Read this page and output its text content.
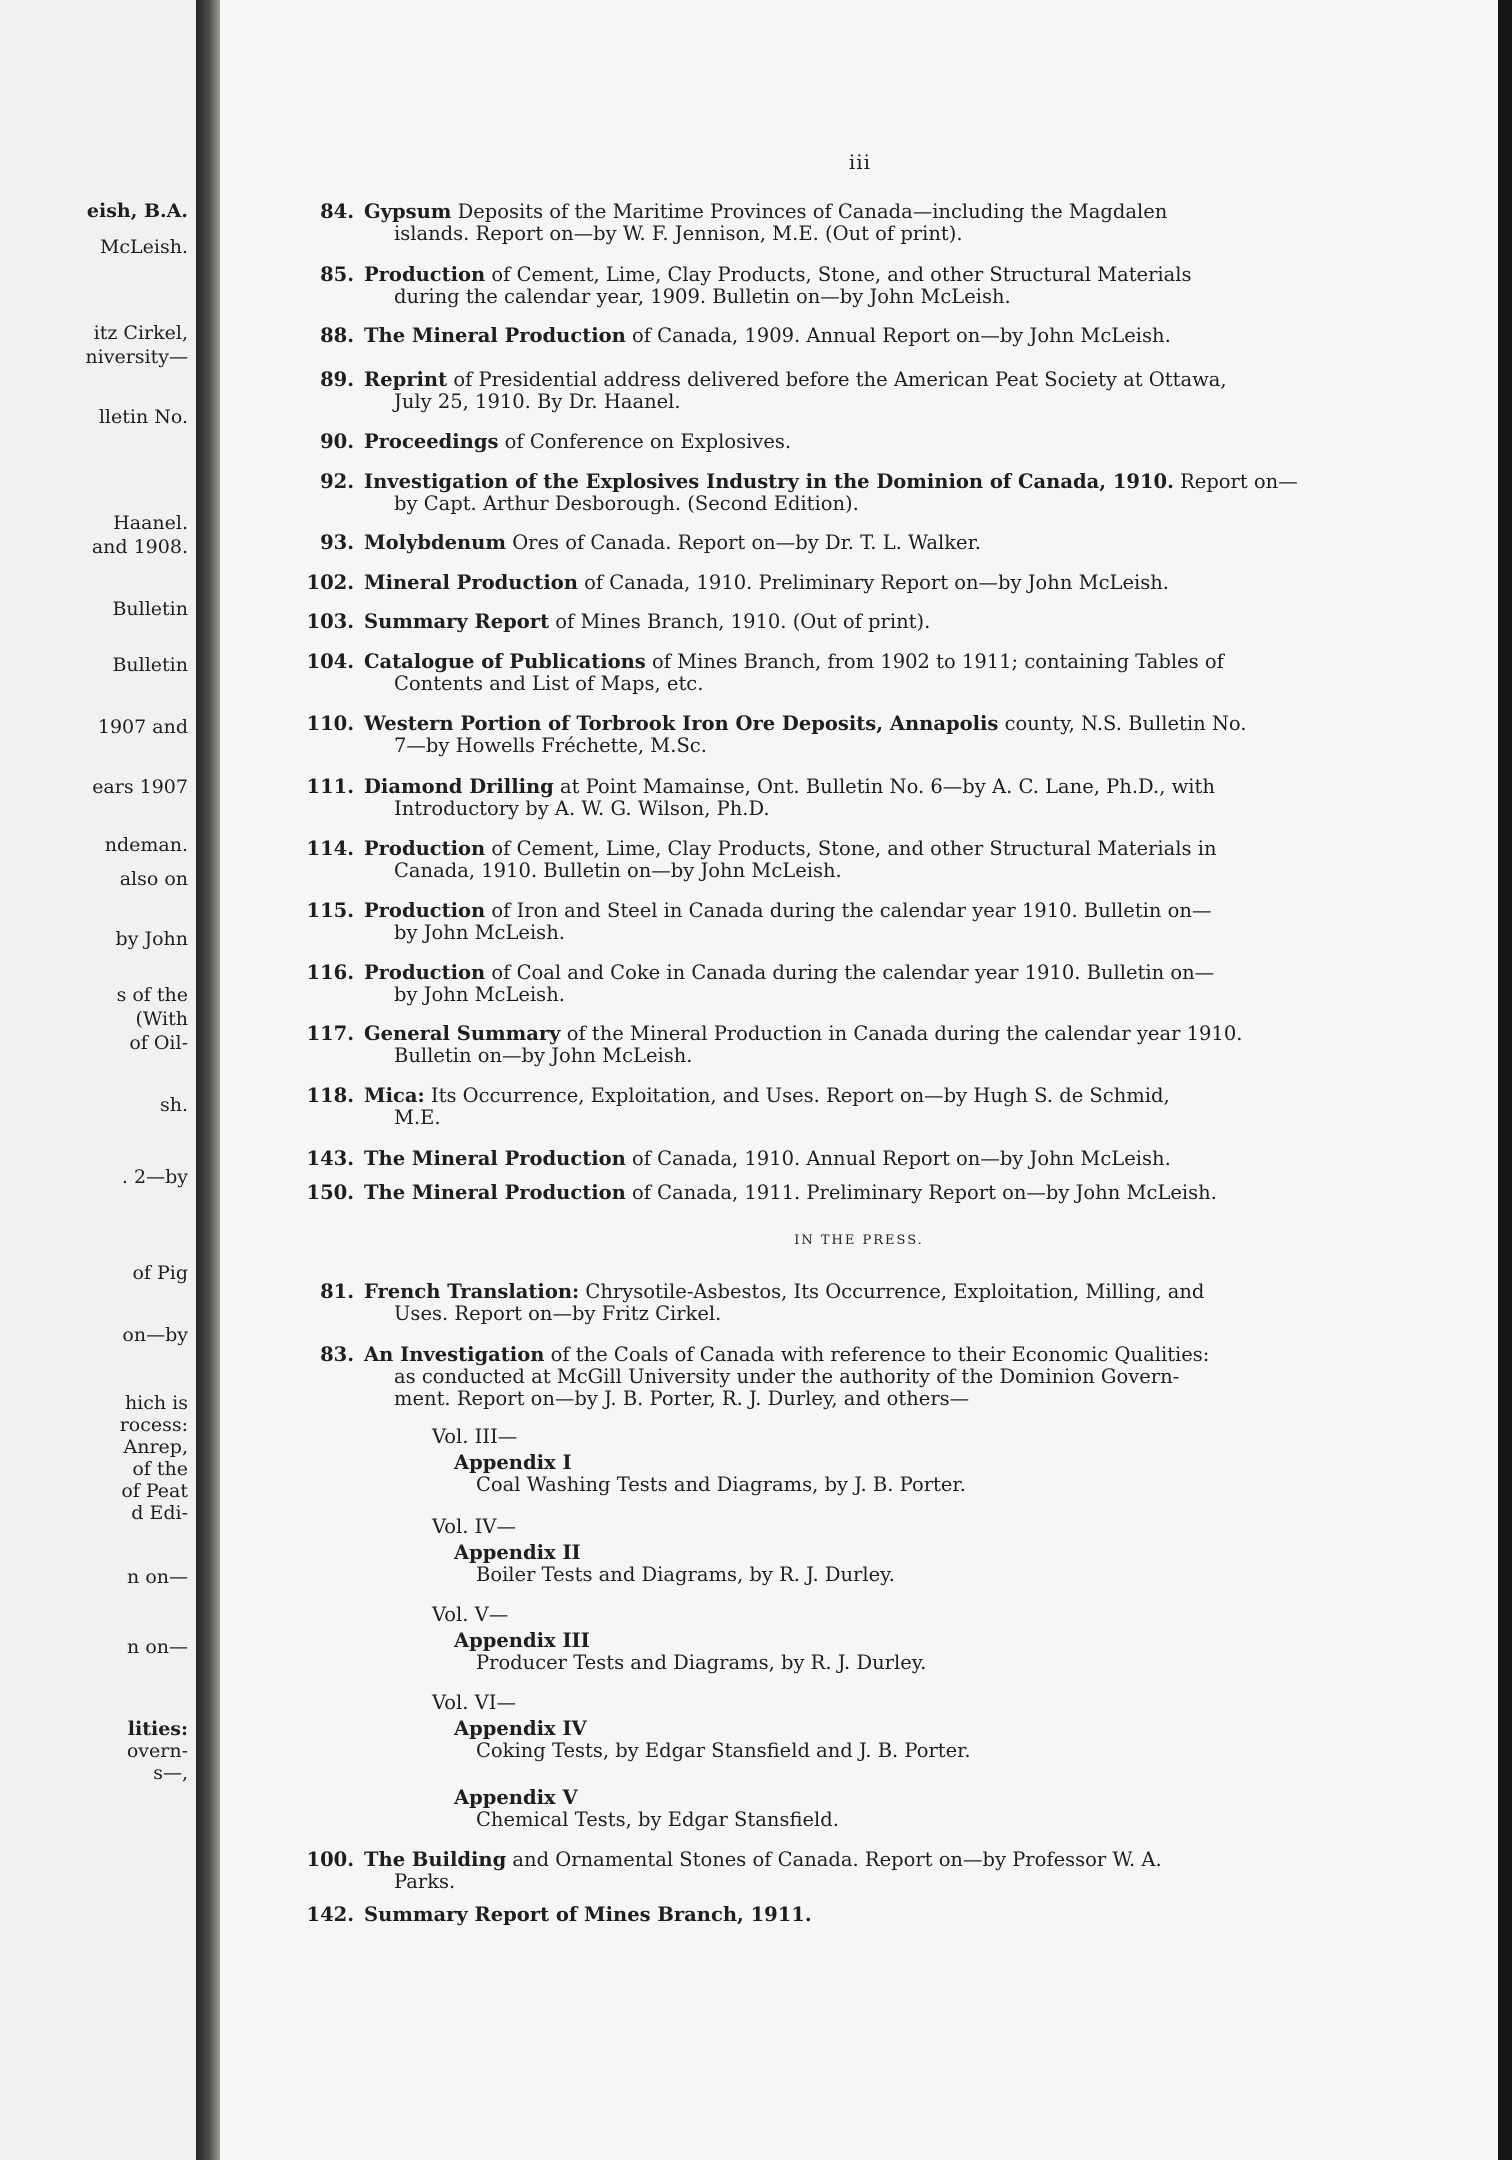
eish, B.A.
McLeish.
itz Cirkel,
niversity—
lletin No.
Haanel.
and 1908.
Bulletin
Bulletin
1907 and
ears 1907
ndeman.
also on
by John
s of the
(With
of Oil-
sh.
. 2—by
of Pig
on—by
hich is
rocess:
Anrep,
of the
of Peat
d Edi-
n on—
n on—
lities:
overn-
s—,
iii
IN THE PRESS.
84. Gypsum Deposits of the Maritime Provinces of Canada—including the Magdalen
islands. Report on—by W. F. Jennison, M.E. (Out of print).
85. Production of Cement, Lime, Clay Products, Stone, and other Structural Materials
during the calendar year, 1909. Bulletin on—by John McLeish.
88. The Mineral Production of Canada, 1909. Annual Report on—by John McLeish.
89. Reprint of Presidential address delivered before the American Peat Society at Ottawa,
July 25, 1910. By Dr. Haanel.
90. Proceedings of Conference on Explosives.
92. Investigation of the Explosives Industry in the Dominion of Canada, 1910. Report on—
by Capt. Arthur Desborough. (Second Edition).
93. Molybdenum Ores of Canada. Report on—by Dr. T. L. Walker.
102. Mineral Production of Canada, 1910. Preliminary Report on—by John McLeish.
103. Summary Report of Mines Branch, 1910. (Out of print).
104. Catalogue of Publications of Mines Branch, from 1902 to 1911; containing Tables of
Contents and List of Maps, etc.
110. Western Portion of Torbrook Iron Ore Deposits, Annapolis county, N.S. Bulletin No.
7—by Howells Fréchette, M.Sc.
111. Diamond Drilling at Point Mamainse, Ont. Bulletin No. 6—by A. C. Lane, Ph.D., with
Introductory by A. W. G. Wilson, Ph.D.
114. Production of Cement, Lime, Clay Products, Stone, and other Structural Materials in
Canada, 1910. Bulletin on—by John McLeish.
115. Production of Iron and Steel in Canada during the calendar year 1910. Bulletin on—
by John McLeish.
116. Production of Coal and Coke in Canada during the calendar year 1910. Bulletin on—
by John McLeish.
117. General Summary of the Mineral Production in Canada during the calendar year 1910.
Bulletin on—by John McLeish.
118. Mica: Its Occurrence, Exploitation, and Uses. Report on—by Hugh S. de Schmid,
M.E.
143. The Mineral Production of Canada, 1910. Annual Report on—by John McLeish.
150. The Mineral Production of Canada, 1911. Preliminary Report on—by John McLeish.
81. French Translation: Chrysotile-Asbestos, Its Occurrence, Exploitation, Milling, and
Uses. Report on—by Fritz Cirkel.
83. An Investigation of the Coals of Canada with reference to their Economic Qualities:
as conducted at McGill University under the authority of the Dominion Govern-
ment. Report on—by J. B. Porter, R. J. Durley, and others—
Vol. III—
Appendix I
Coal Washing Tests and Diagrams, by J. B. Porter.
Vol. IV—
Appendix II
Boiler Tests and Diagrams, by R. J. Durley.
Vol. V—
Appendix III
Producer Tests and Diagrams, by R. J. Durley.
Vol. VI—
Appendix IV
Coking Tests, by Edgar Stansfield and J. B. Porter.
Appendix V
Chemical Tests, by Edgar Stansfield.
100. The Building and Ornamental Stones of Canada. Report on—by Professor W. A.
Parks.
142. Summary Report of Mines Branch, 1911.
